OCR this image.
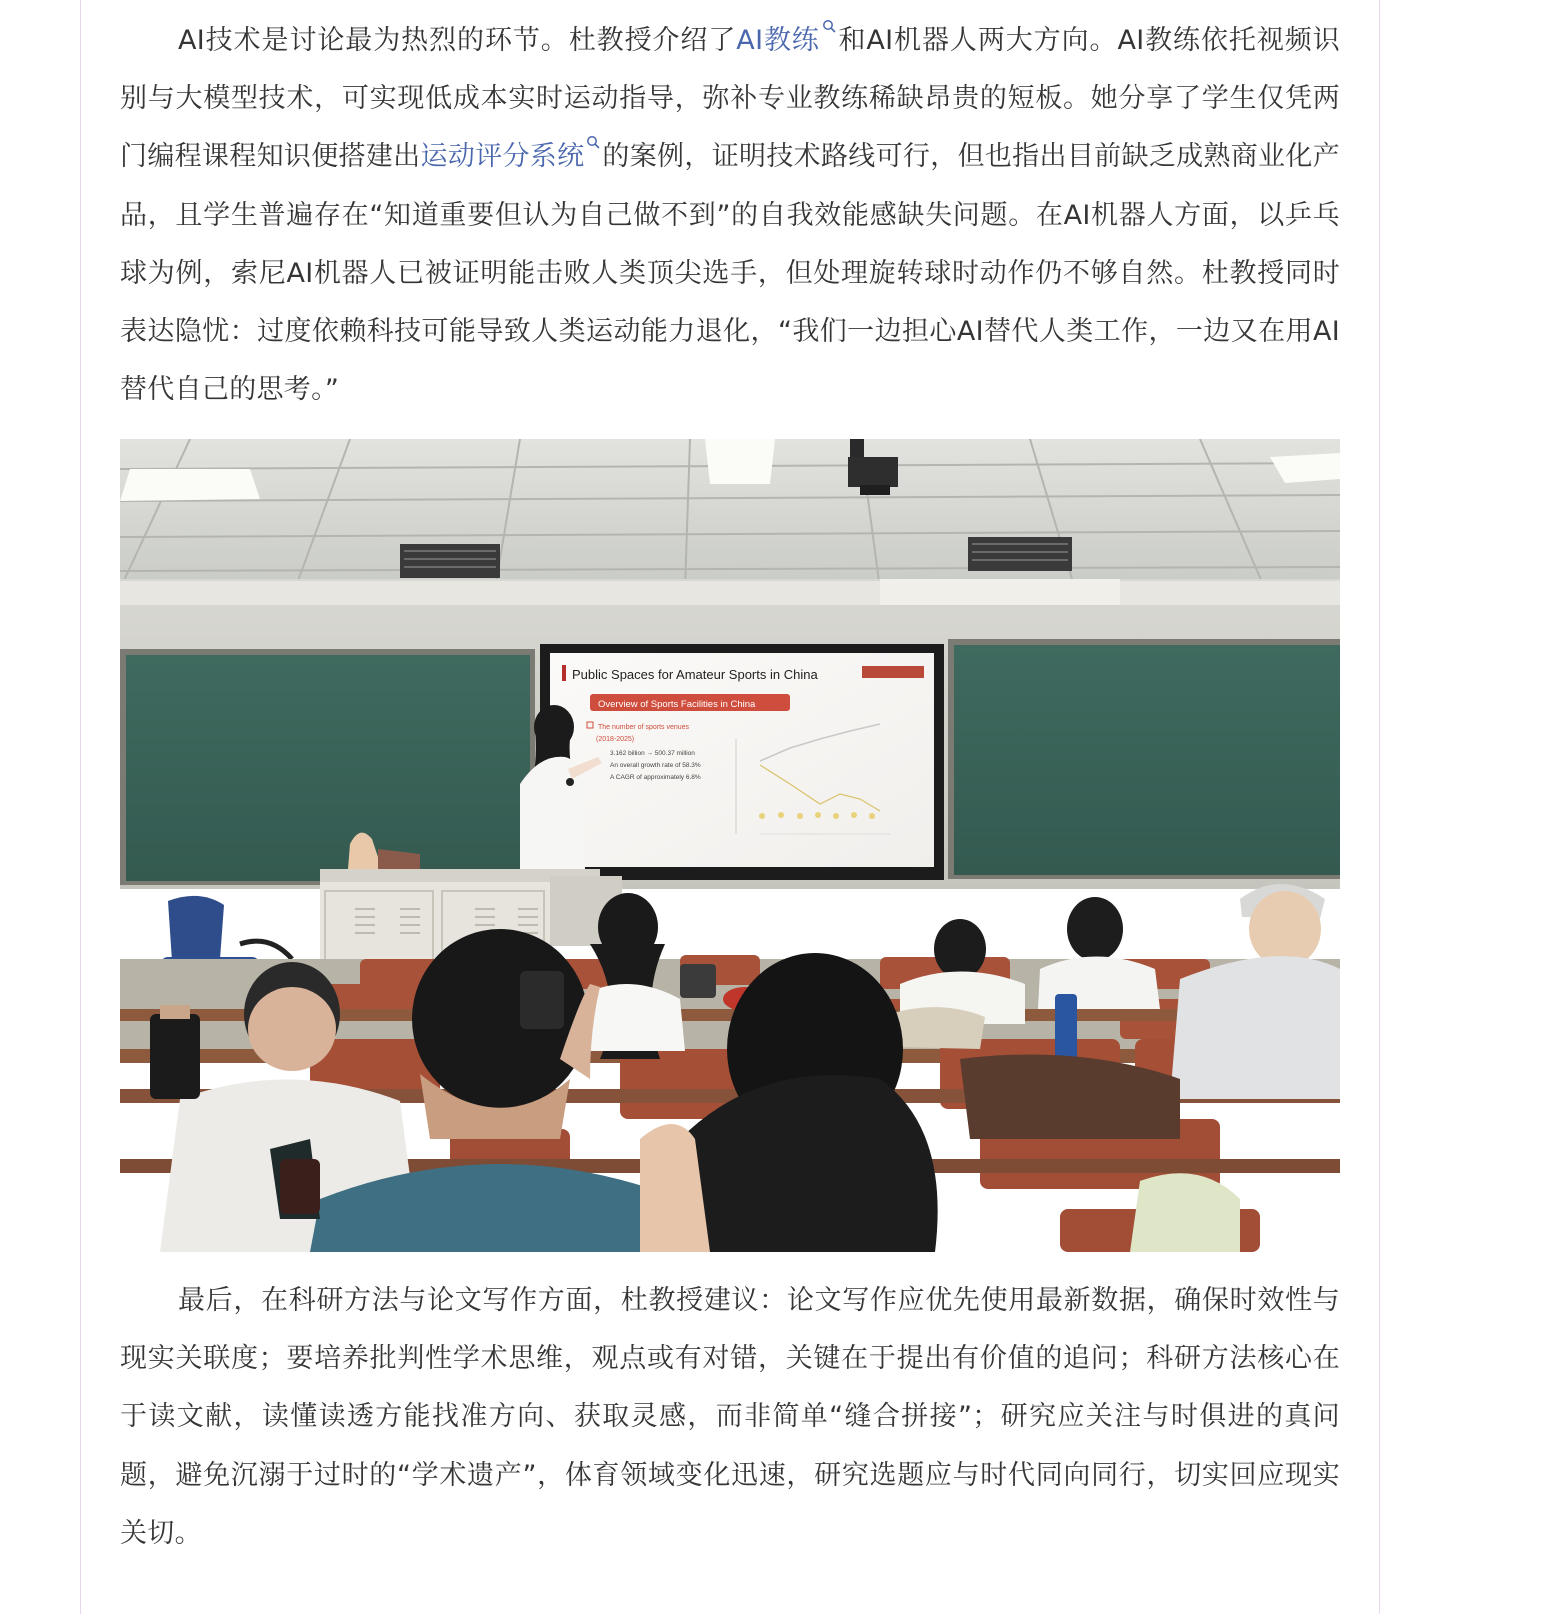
AI技术是讨论最为热烈的环节。杜教授介绍了AI教练 和AI机器人两大方向。AI教练依托视频识别与大模型技术，可实现低成本实时运动指导，弥补专业教练稀缺昂贵的短板。她分享了学生仅凭两门编程课程知识便搭建出运动评分系统 的案例，证明技术路线可行，但也指出目前缺乏成熟商业化产品，且学生普遍存在“知道重要但认为自己做不到”的自我效能感缺失问题。在AI机器人方面，以乒乓球为例，索尼AI机器人已被证明能击败人类顶尖选手，但处理旋转球时动作仍不够自然。杜教授同时表达隐忧：过度依赖科技可能导致人类运动能力退化，“我们一边担心AI替代人类工作，一边又在用AI替代自己的思考。”

Public Spaces for Amateur Sports in China
Overview of Sports Facilities in China
The number of sports venues
(2018-2025)
3.162 billion → 500.37 million
An overall growth rate of 58.3%
A CAGR of approximately 6.8%

最后，在科研方法与论文写作方面，杜教授建议：论文写作应优先使用最新数据，确保时效性与现实关联度；要培养批判性学术思维，观点或有对错，关键在于提出有价值的追问；科研方法核心在于读文献，读懂读透方能找准方向、获取灵感，而非简单“缝合拼接”；研究应关注与时俱进的真问题，避免沉溺于过时的“学术遗产”，体育领域变化迅速，研究选题应与时代同向同行，切实回应现实关切。
